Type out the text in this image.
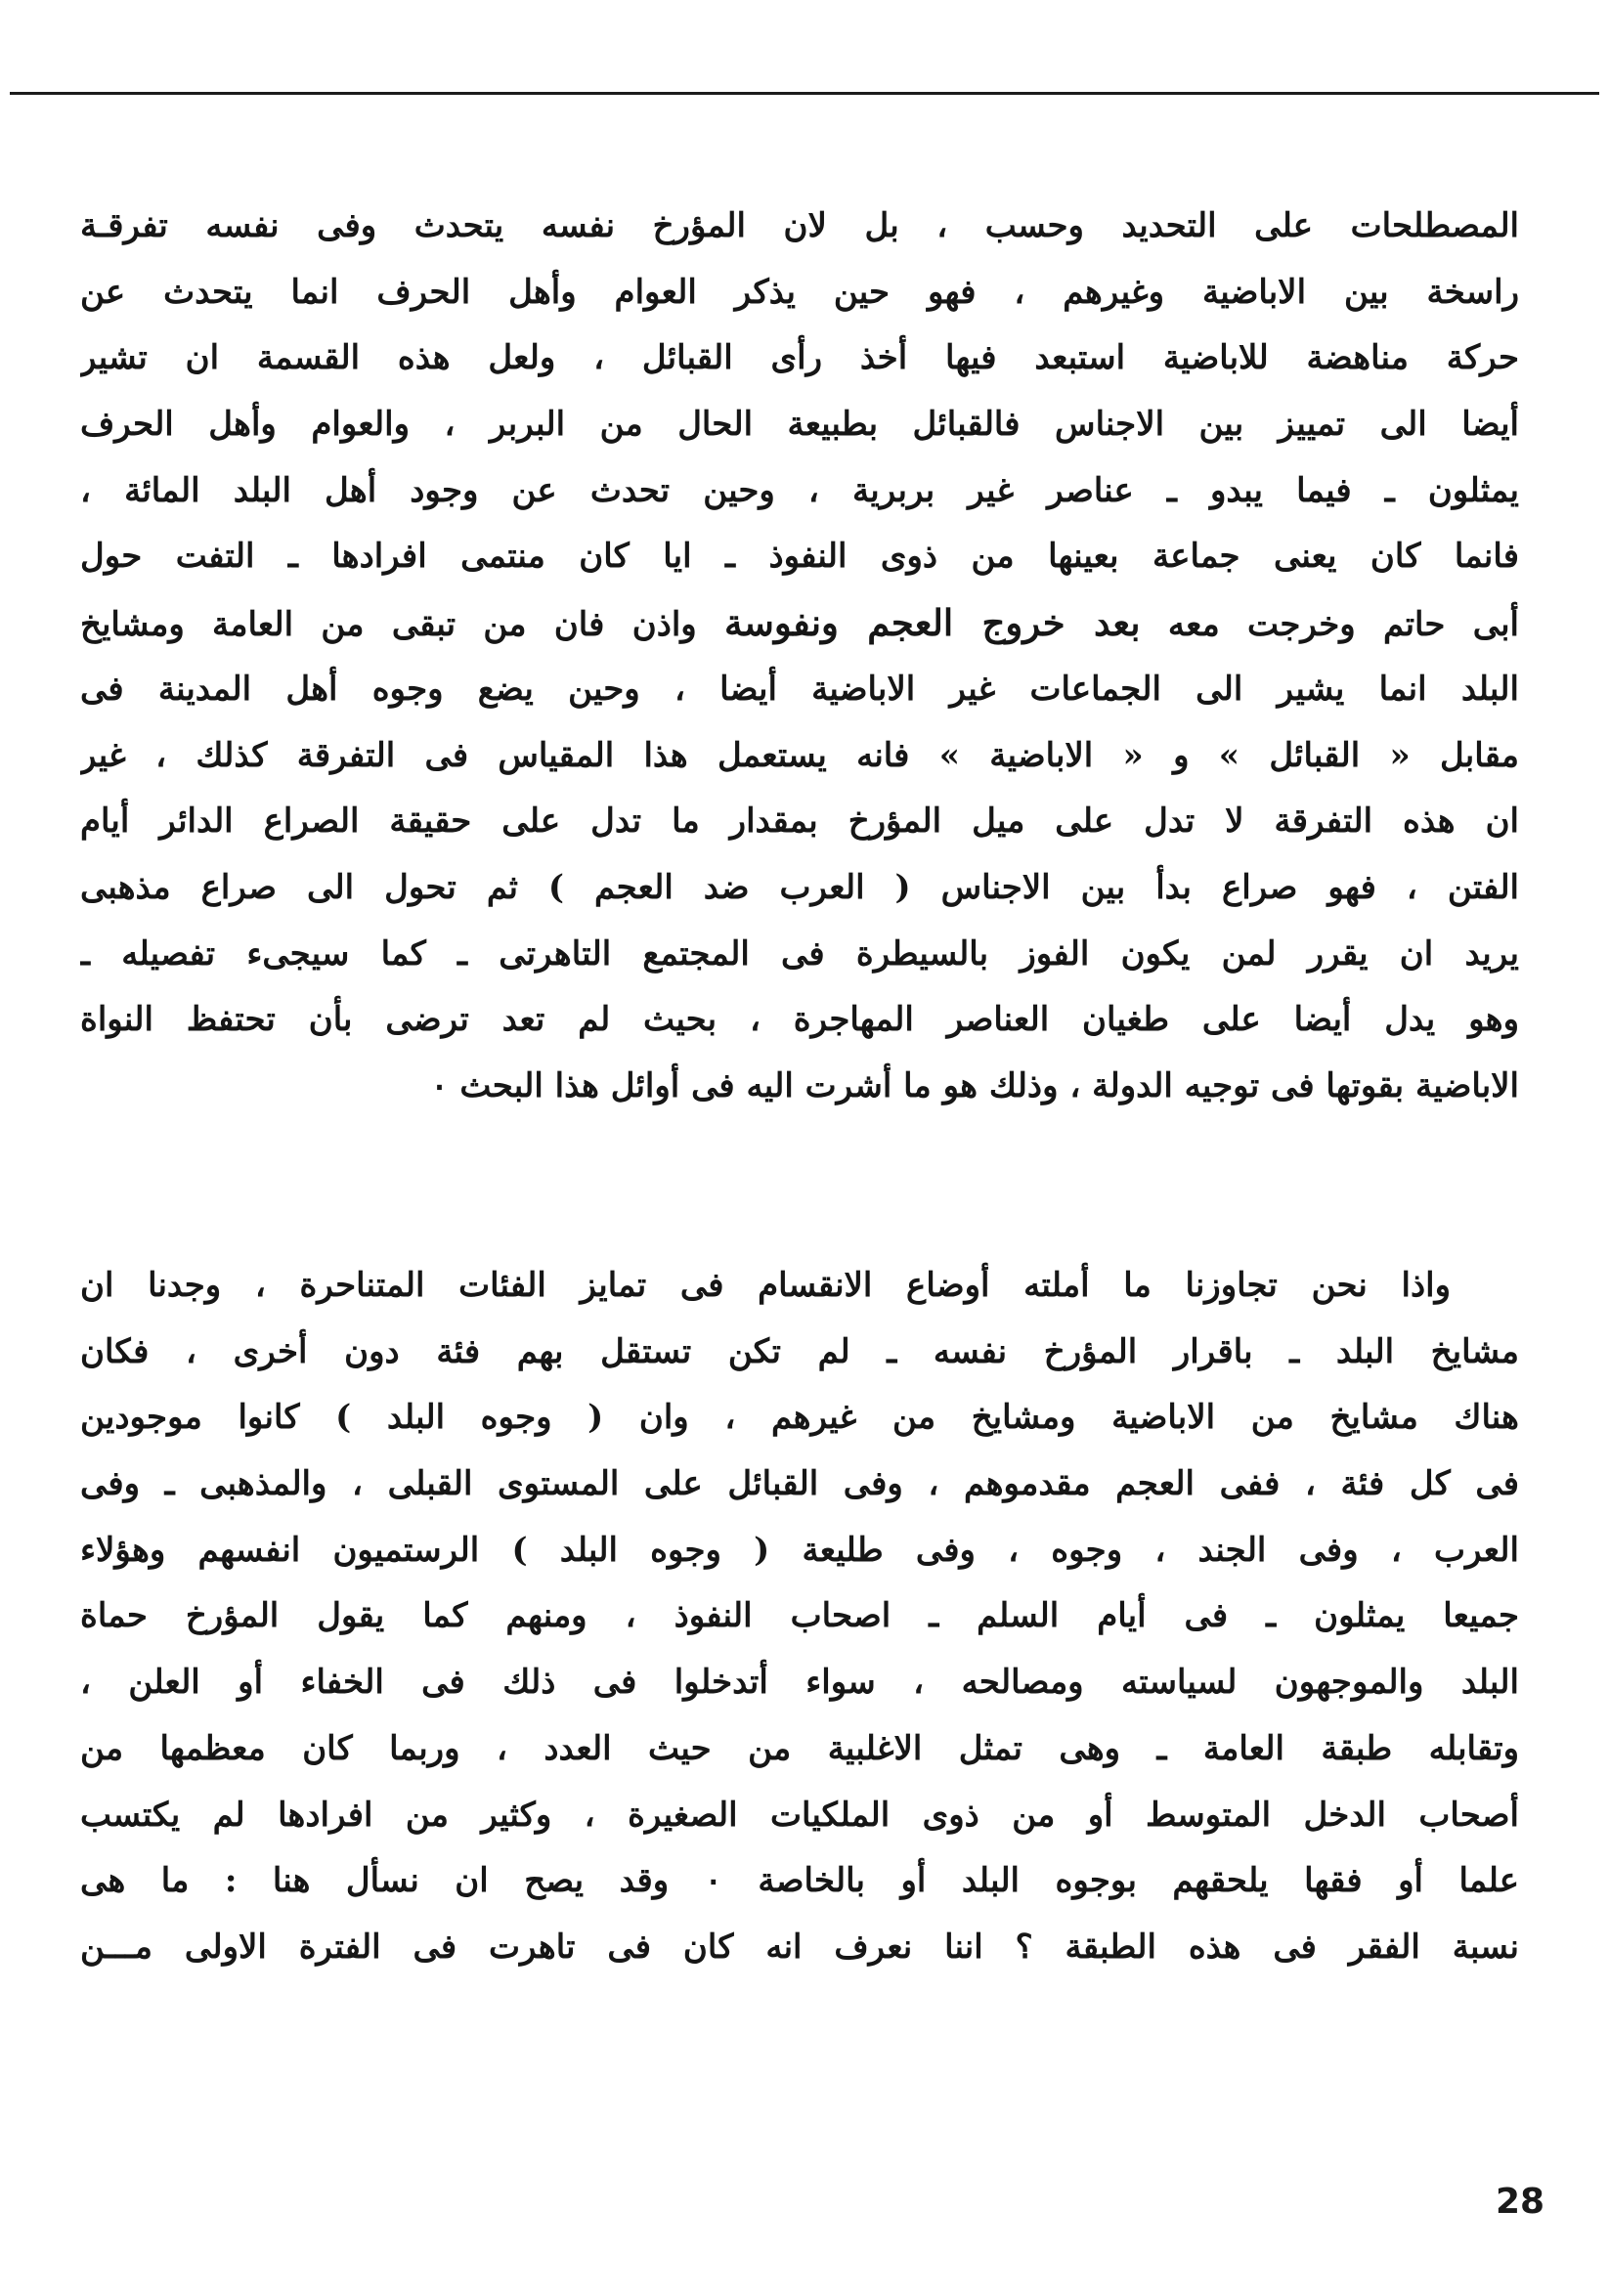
المصطلحات على التحديد وحسب ، بل لان المؤرخ نفسه يتحدث وفى نفسه تفرقـة
راسخة بين الاباضية وغيرهم ، فهو حين يذكر العوام وأهل الحرف انما يتحدث عن
حركة مناهضة للاباضية استبعد فيها أخذ رأى القبائل ، ولعل هذه القسمة ان تشير
أيضا الى تمييز بين الاجناس فالقبائل بطبيعة الحال من البربر ، والعوام وأهل الحرف
يمثلون ـ فيما يبدو ـ عناصر غير بربرية ، وحين تحدث عن وجود أهل البلد المائة ،
فانما كان يعنى جماعة بعينها من ذوى النفوذ ـ ايا كان منتمى افرادها ـ التفت حول
أبى حاتم وخرجت معه بعد خروج العجم ونفوسة واذن فان من تبقى من العامة ومشايخ
البلد انما يشير الى الجماعات غير الاباضية أيضا ، وحين يضع وجوه أهل المدينة فى
مقابل « القبائل » و « الاباضية » فانه يستعمل هذا المقياس فى التفرقة كذلك ، غير
ان هذه التفرقة لا تدل على ميل المؤرخ بمقدار ما تدل على حقيقة الصراع الدائر أيام
الفتن ، فهو صراع بدأ بين الاجناس ( العرب ضد العجم ) ثم تحول الى صراع مذهبى
يريد ان يقرر لمن يكون الفوز بالسيطرة فى المجتمع التاهرتى ـ كما سيجىء تفصيله ـ
وهو يدل أيضا على طغيان العناصر المهاجرة ، بحيث لم تعد ترضى بأن تحتفظ النواة
الاباضية بقوتها فى توجيه الدولة ، وذلك هو ما أشرت اليه فى أوائل هذا البحث ٠
واذا نحن تجاوزنا ما أملته أوضاع الانقسام فى تمايز الفئات المتناحرة ، وجدنا ان
مشايخ البلد ـ باقرار المؤرخ نفسه ـ لم تكن تستقل بهم فئة دون أخرى ، فكان
هناك مشايخ من الاباضية ومشايخ من غيرهم ، وان ( وجوه البلد ) كانوا موجودين
فى كل فئة ، ففى العجم مقدموهم ، وفى القبائل على المستوى القبلى ، والمذهبى ـ وفى
العرب ، وفى الجند ، وجوه ، وفى طليعة ( وجوه البلد ) الرستميون انفسهم وهؤلاء
جميعا يمثلون ـ فى أيام السلم ـ اصحاب النفوذ ، ومنهم كما يقول المؤرخ حماة
البلد والموجهون لسياسته ومصالحه ، سواء أتدخلوا فى ذلك فى الخفاء أو العلن ،
وتقابله طبقة العامة ـ وهى تمثل الاغلبية من حيث العدد ، وربما كان معظمها من
أصحاب الدخل المتوسط أو من ذوى الملكيات الصغيرة ، وكثير من افرادها لم يكتسب
علما أو فقها يلحقهم بوجوه البلد أو بالخاصة ٠ وقد يصح ان نسأل هنا : ما هى
نسبة الفقر فى هذه الطبقة ؟ اننا نعرف انه كان فى تاهرت فى الفترة الاولى مـــن
28
